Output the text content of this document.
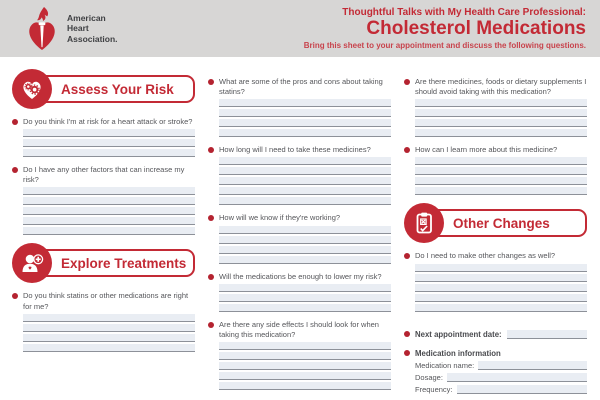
American
Heart
Association.
Thoughtful Talks with My Health Care Professional:
Cholesterol Medications
Bring this sheet to your appointment and discuss the following questions.
Assess Your Risk
Do you think I'm at risk for a heart attack or stroke?
Do I have any other factors that can increase my risk?
Explore Treatments
Do you think statins or other medications are right for me?
What are some of the pros and cons about taking statins?
How long will I need to take these medicines?
How will we know if they're working?
Will the medications be enough to lower my risk?
Are there any side effects I should look for when taking this medication?
Are there medicines, foods or dietary supplements I should avoid taking with this medication?
How can I learn more about this medicine?
Other Changes
Do I need to make other changes as well?
Next appointment date:
Medication information
Medication name:
Dosage:
Frequency:
